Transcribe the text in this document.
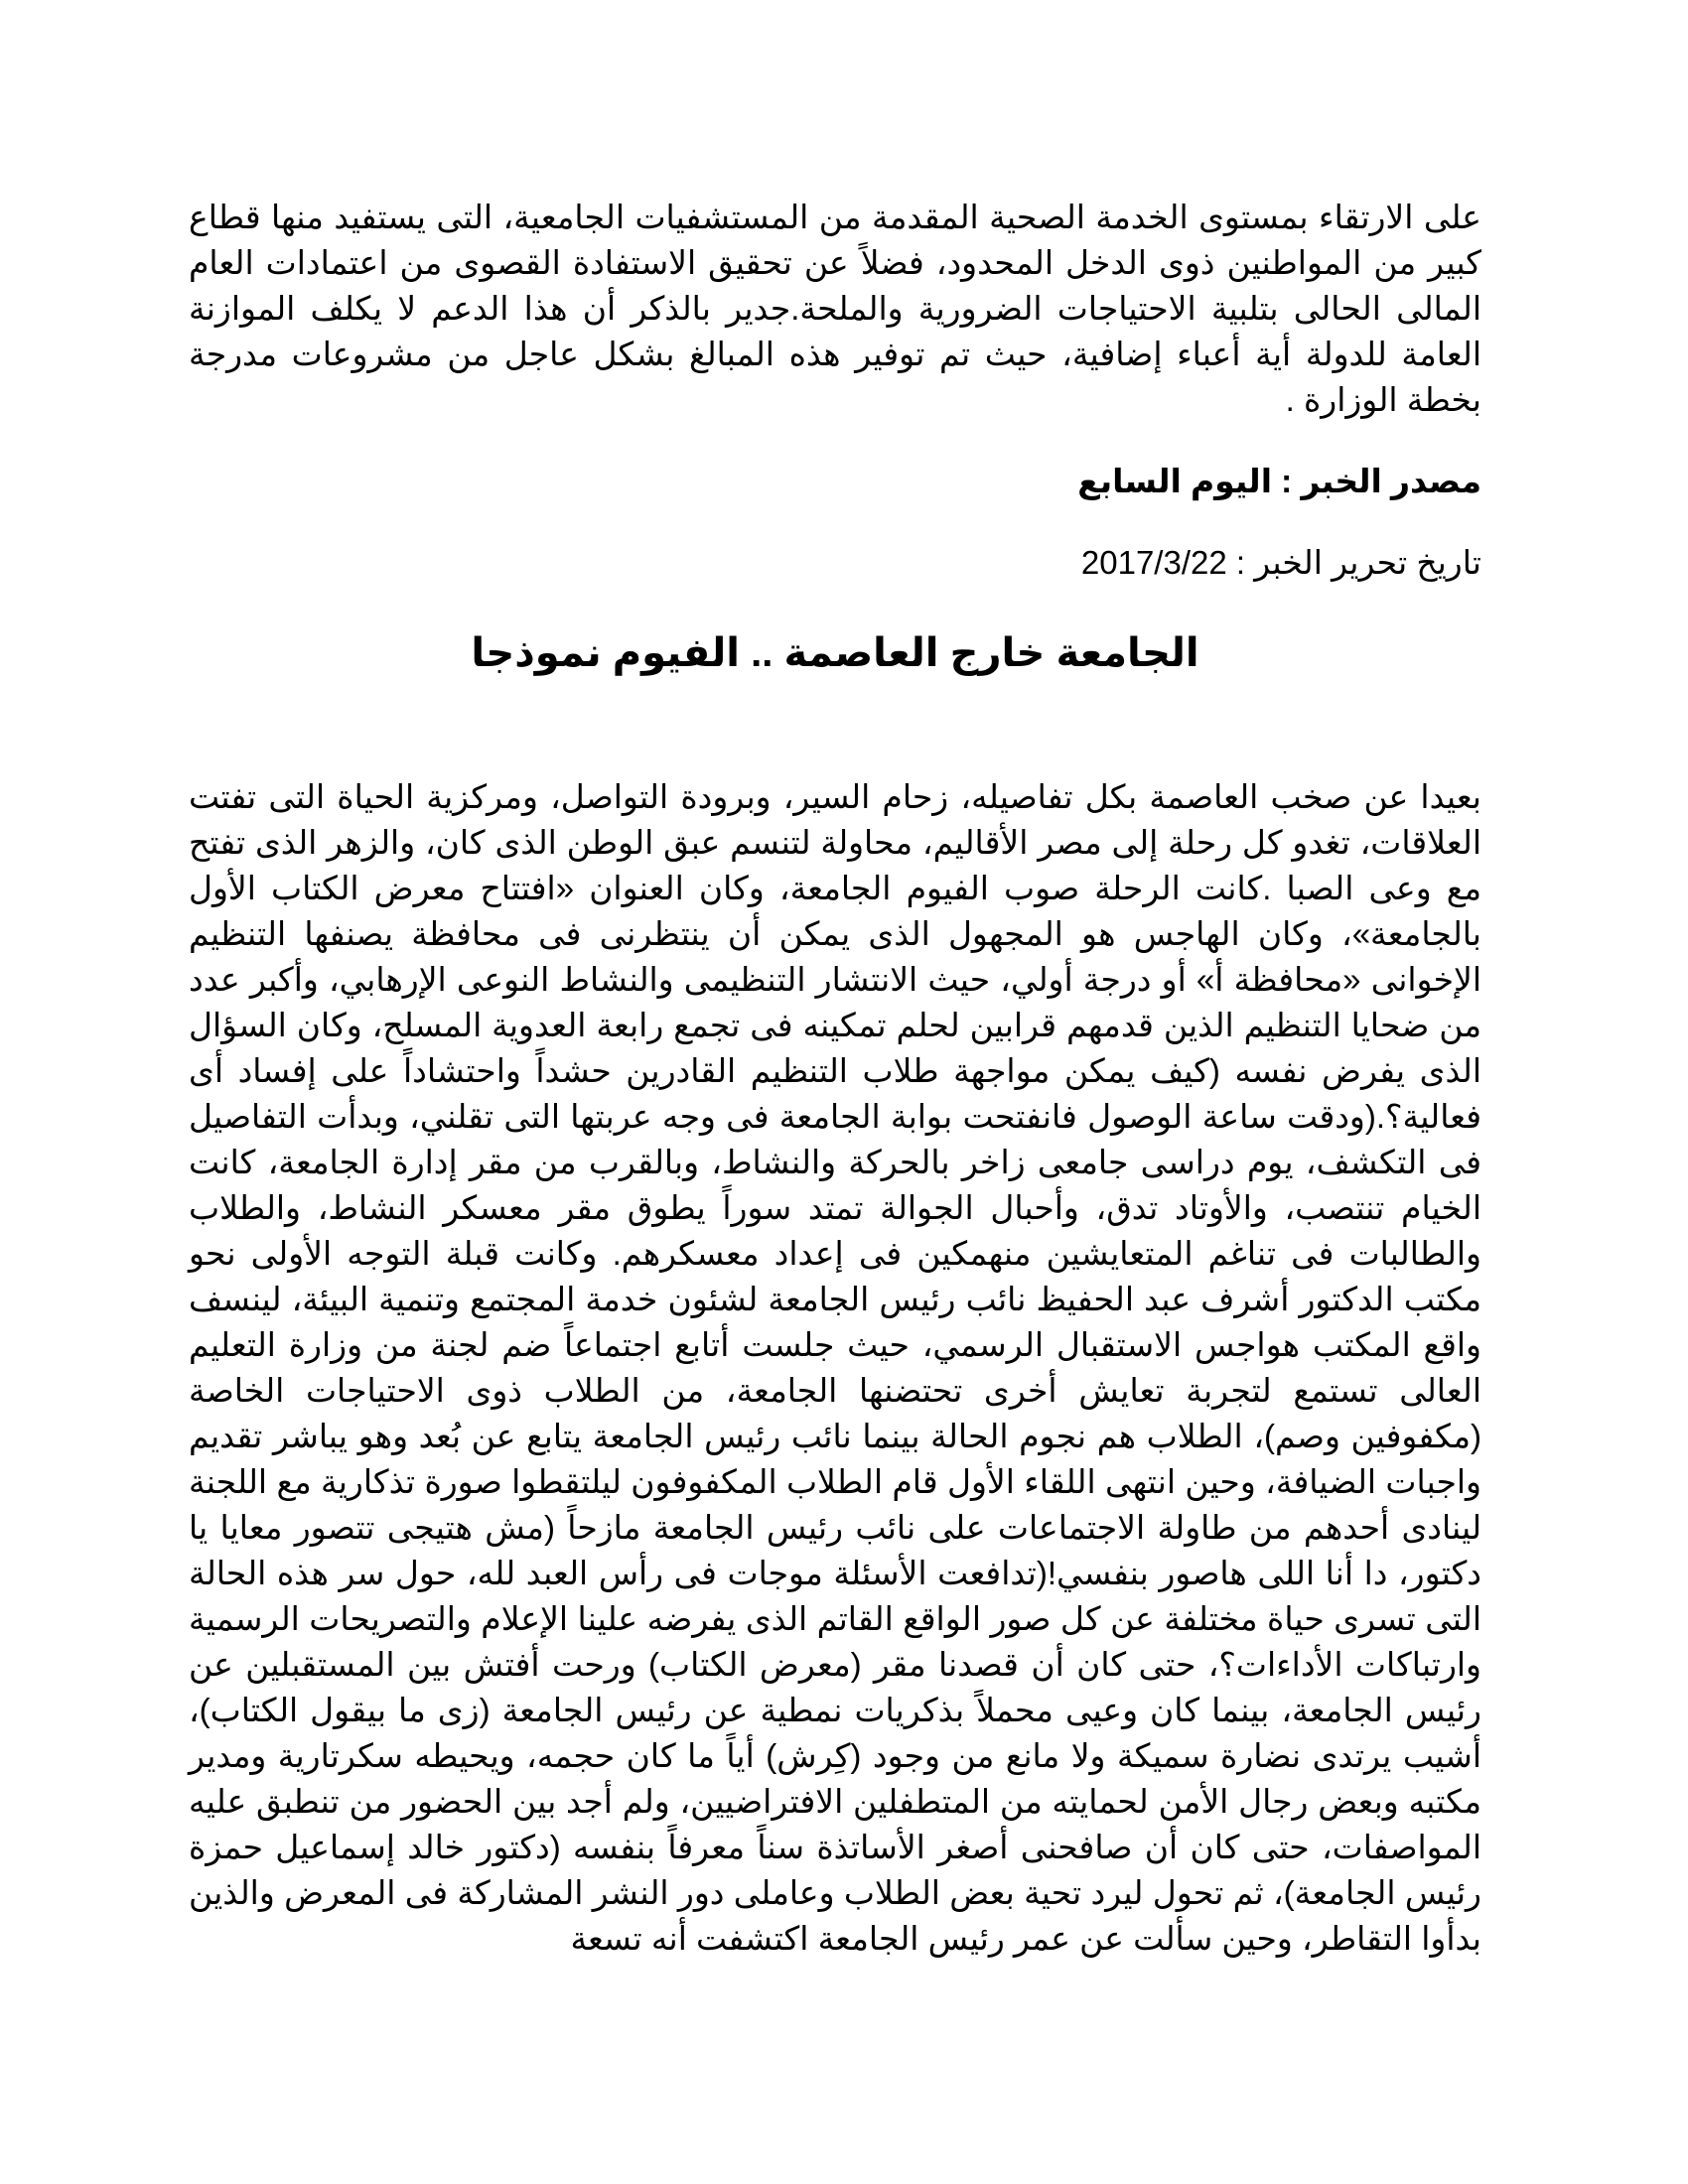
على الارتقاء بمستوى الخدمة الصحية المقدمة من المستشفيات الجامعية، التى يستفيد منها قطاع كبير من المواطنين ذوى الدخل المحدود، فضلاً عن تحقيق الاستفادة القصوى من اعتمادات العام المالى الحالى بتلبية الاحتياجات الضرورية والملحة.جدير بالذكر أن هذا الدعم لا يكلف الموازنة العامة للدولة أية أعباء إضافية، حيث تم توفير هذه المبالغ بشكل عاجل من مشروعات مدرجة بخطة الوزارة .

مصدر الخبر : اليوم السابع

تاريخ تحرير الخبر : 2017/3/22

الجامعة خارج العاصمة .. الفيوم نموذجا

بعيدا عن صخب العاصمة بكل تفاصيله، زحام السير، وبرودة التواصل، ومركزية الحياة التى تفتت العلاقات، تغدو كل رحلة إلى مصر الأقاليم، محاولة لتنسم عبق الوطن الذى كان، والزهر الذى تفتح مع وعى الصبا .كانت الرحلة صوب الفيوم الجامعة، وكان العنوان «افتتاح معرض الكتاب الأول بالجامعة»، وكان الهاجس هو المجهول الذى يمكن أن ينتظرنى فى محافظة يصنفها التنظيم الإخوانى «محافظة أ» أو درجة أولي، حيث الانتشار التنظيمى والنشاط النوعى الإرهابي، وأكبر عدد من ضحايا التنظيم الذين قدمهم قرابين لحلم تمكينه فى تجمع رابعة العدوية المسلح، وكان السؤال الذى يفرض نفسه (كيف يمكن مواجهة طلاب التنظيم القادرين حشداً واحتشاداً على إفساد أى فعالية؟.(ودقت ساعة الوصول فانفتحت بوابة الجامعة فى وجه عربتها التى تقلني، وبدأت التفاصيل فى التكشف، يوم دراسى جامعى زاخر بالحركة والنشاط، وبالقرب من مقر إدارة الجامعة، كانت الخيام تنتصب، والأوتاد تدق، وأحبال الجوالة تمتد سوراً يطوق مقر معسكر النشاط، والطلاب والطالبات فى تناغم المتعايشين منهمكين فى إعداد معسكرهم. وكانت قبلة التوجه الأولى نحو مكتب الدكتور أشرف عبد الحفيظ نائب رئيس الجامعة لشئون خدمة المجتمع وتنمية البيئة، لينسف واقع المكتب هواجس الاستقبال الرسمي، حيث جلست أتابع اجتماعاً ضم لجنة من وزارة التعليم العالى تستمع لتجربة تعايش أخرى تحتضنها الجامعة، من الطلاب ذوى الاحتياجات الخاصة (مكفوفين وصم)، الطلاب هم نجوم الحالة بينما نائب رئيس الجامعة يتابع عن بُعد وهو يباشر تقديم واجبات الضيافة، وحين انتهى اللقاء الأول قام الطلاب المكفوفون ليلتقطوا صورة تذكارية مع اللجنة لينادى أحدهم من طاولة الاجتماعات على نائب رئيس الجامعة مازحاً (مش هتيجى تتصور معايا يا دكتور، دا أنا اللى هاصور بنفسي!(تدافعت الأسئلة موجات فى رأس العبد لله، حول سر هذه الحالة التى تسرى حياة مختلفة عن كل صور الواقع القاتم الذى يفرضه علينا الإعلام والتصريحات الرسمية وارتباكات الأداءات؟، حتى كان أن قصدنا مقر (معرض الكتاب) ورحت أفتش بين المستقبلين عن رئيس الجامعة، بينما كان وعيى محملاً بذكريات نمطية عن رئيس الجامعة (زى ما بيقول الكتاب)، أشيب يرتدى نضارة سميكة ولا مانع من وجود (كِرش) أياً ما كان حجمه، ويحيطه سكرتارية ومدير مكتبه وبعض رجال الأمن لحمايته من المتطفلين الافتراضيين، ولم أجد بين الحضور من تنطبق عليه المواصفات، حتى كان أن صافحنى أصغر الأساتذة سناً معرفاً بنفسه (دكتور خالد إسماعيل حمزة رئيس الجامعة)، ثم تحول ليرد تحية بعض الطلاب وعاملى دور النشر المشاركة فى المعرض والذين بدأوا التقاطر، وحين سألت عن عمر رئيس الجامعة اكتشفت أنه تسعة
